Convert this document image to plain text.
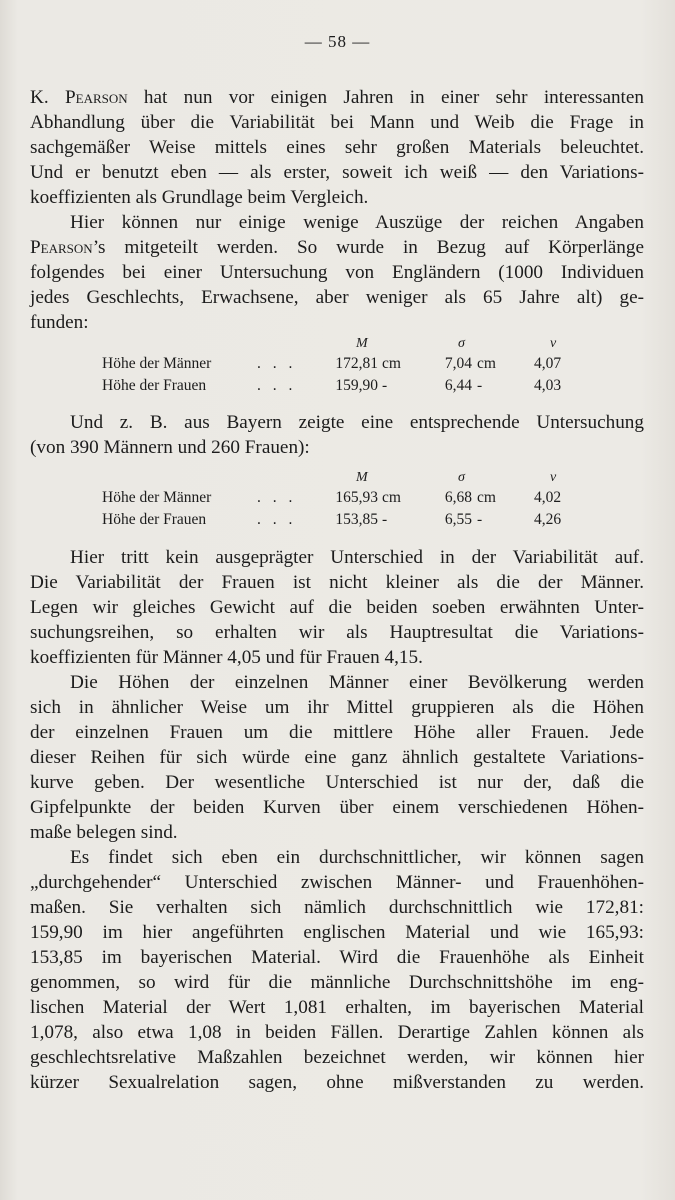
— 58 —
K. Pearson hat nun vor einigen Jahren in einer sehr interessanten
Abhandlung über die Variabilität bei Mann und Weib die Frage in
sachgemäßer Weise mittels eines sehr großen Materials beleuchtet.
Und er benutzt eben — als erster, soweit ich weiß — den Variations-
koeffizienten als Grundlage beim Vergleich.
Hier können nur einige wenige Auszüge der reichen Angaben
Pearson’s mitgeteilt werden. So wurde in Bezug auf Körperlänge
folgendes bei einer Untersuchung von Engländern (1000 Individuen
jedes Geschlechts, Erwachsene, aber weniger als 65 Jahre alt) ge-
funden:
M	σ	v
Höhe der Männer	. . .	172,81 cm	7,04 cm 4,07
Höhe der Frauen	. . .	159,90 -	6,44 -	4,03
Und z. B. aus Bayern zeigte eine entsprechende Untersuchung
(von 390 Männern und 260 Frauen):
M	σ	v
Höhe der Männer	. . .	165,93 cm	6,68 cm 4,02
Höhe der Frauen	. . .	153,85 -	6,55 -	4,26
Hier tritt kein ausgeprägter Unterschied in der Variabilität auf.
Die Variabilität der Frauen ist nicht kleiner als die der Männer.
Legen wir gleiches Gewicht auf die beiden soeben erwähnten Unter-
suchungsreihen, so erhalten wir als Hauptresultat die Variations-
koeffizienten für Männer 4,05 und für Frauen 4,15.
Die Höhen der einzelnen Männer einer Bevölkerung werden
sich in ähnlicher Weise um ihr Mittel gruppieren als die Höhen
der einzelnen Frauen um die mittlere Höhe aller Frauen. Jede
dieser Reihen für sich würde eine ganz ähnlich gestaltete Variations-
kurve geben. Der wesentliche Unterschied ist nur der, daß die
Gipfelpunkte der beiden Kurven über einem verschiedenen Höhen-
maße belegen sind.
Es findet sich eben ein durchschnittlicher, wir können sagen
„durchgehender“ Unterschied zwischen Männer- und Frauenhöhen-
maßen. Sie verhalten sich nämlich durchschnittlich wie 172,81:
159,90 im hier angeführten englischen Material und wie 165,93:
153,85 im bayerischen Material. Wird die Frauenhöhe als Einheit
genommen, so wird für die männliche Durchschnittshöhe im eng-
lischen Material der Wert 1,081 erhalten, im bayerischen Material
1,078, also etwa 1,08 in beiden Fällen. Derartige Zahlen können als
geschlechtsrelative Maßzahlen bezeichnet werden, wir können hier
kürzer Sexualrelation sagen, ohne mißverstanden zu werden.
